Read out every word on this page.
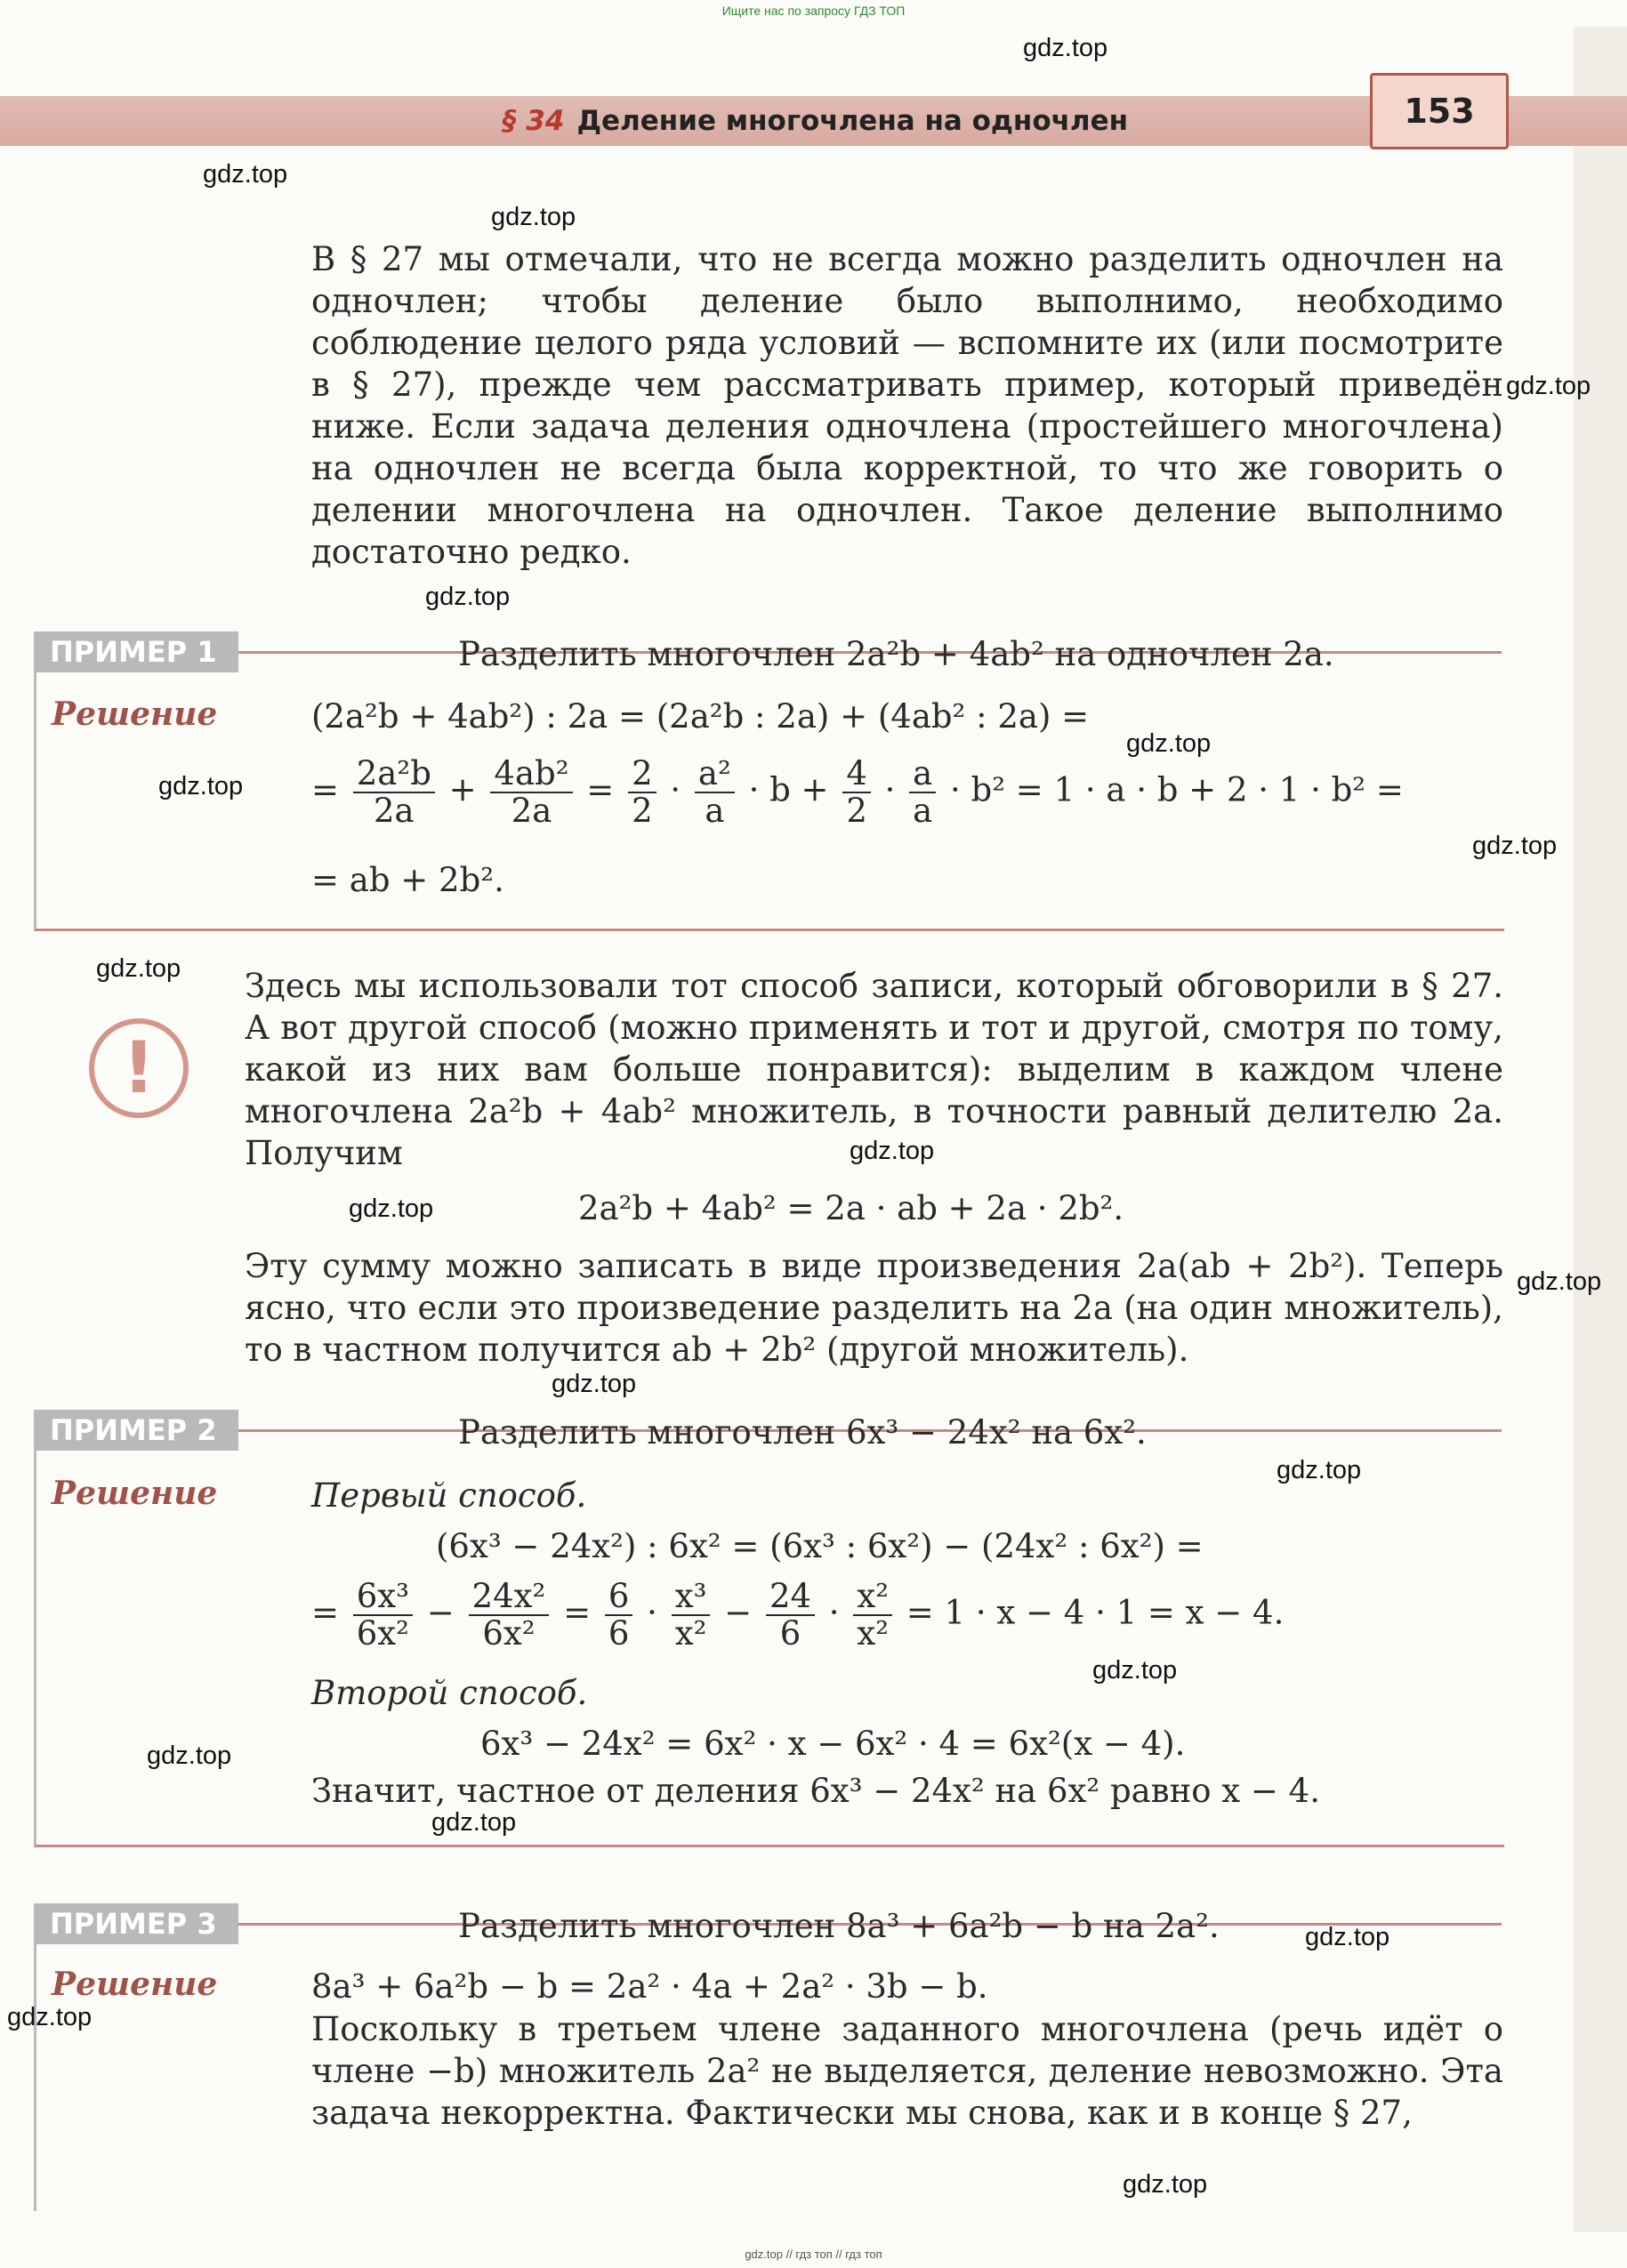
Ищите нас по запросу ГДЗ ТОП
§ 34 Деление многочлена на одночлен	153

В § 27 мы отмечали, что не всегда можно разделить одночлен на одночлен; чтобы деление было выполнимо, необходимо соблюдение целого ряда условий — вспомните их (или посмотрите в § 27), прежде чем рассматривать пример, который приведён ниже. Если задача деления одночлена (простейшего многочлена) на одночлен не всегда была корректной, то что же говорить о делении многочлена на одночлен. Такое деление выполнимо достаточно редко.

ПРИМЕР 1	Разделить многочлен 2a²b + 4ab² на одночлен 2a.
Решение	(2a²b + 4ab²) : 2a = (2a²b : 2a) + (4ab² : 2a) =
= $\frac{\text{2a²b}}{2a} + \frac{\text{4ab²}}{2a} = \frac{2}{2} \cdot \frac{\text{a²}}{a} \cdot b + \frac{4}{2} \cdot \frac{a}{a} \cdot b^2 = 1 \cdot a \cdot b + 2 \cdot 1 \cdot b^2$ =
= ab + 2b².
!

Здесь мы использовали тот способ записи, который обговорили в § 27. А вот другой способ (можно применять и тот и другой, смотря по тому, какой из них вам больше понравится): выделим в каждом члене многочлена 2a²b + 4ab² множитель, в точности равный делителю 2a. Получим

2a²b + 4ab² = 2a · ab + 2a · 2b².

Эту сумму можно записать в виде произведения 2a(ab + 2b²). Теперь ясно, что если это произведение разделить на 2a (на один множитель), то в частном получится ab + 2b² (другой множитель).

ПРИМЕР 2	Разделить многочлен 6x³ − 24x² на 6x².
Решение	Первый способ.
(6x³ − 24x²) : 6x² = (6x³ : 6x²) − (24x² : 6x²) =
= $\frac{\text{6x³}}{\text{6x²}} - \frac{\text{24x²}}{\text{6x²}} = \frac{6}{6} \cdot \frac{\text{x³}}{\text{x²}} - \frac{24}{6} \cdot \frac{\text{x²}}{\text{x²}} = 1 \cdot x - 4 \cdot 1 = x - 4$.
Второй способ.
6x³ − 24x² = 6x² · x − 6x² · 4 = 6x²(x − 4).
Значит, частное от деления 6x³ − 24x² на 6x² равно x − 4.
ПРИМЕР 3	Разделить многочлен 8a³ + 6a²b − b на 2a².
Решение	8a³ + 6a²b − b = 2a² · 4a + 2a² · 3b − b.

Поскольку в третьем члене заданного многочлена (речь идёт о члене −b) множитель 2a² не выделяется, деление невозможно. Эта задача некорректна. Фактически мы снова, как и в конце § 27,

gdz.top
gdz.top
gdz.top
gdz.top
gdz.top
gdz.top
gdz.top
gdz.top
gdz.top
gdz.top
gdz.top
gdz.top
gdz.top
gdz.top
gdz.top
gdz.top
gdz.top
gdz.top
gdz.top
gdz.top
gdz.top // гдз топ // гдз топ
